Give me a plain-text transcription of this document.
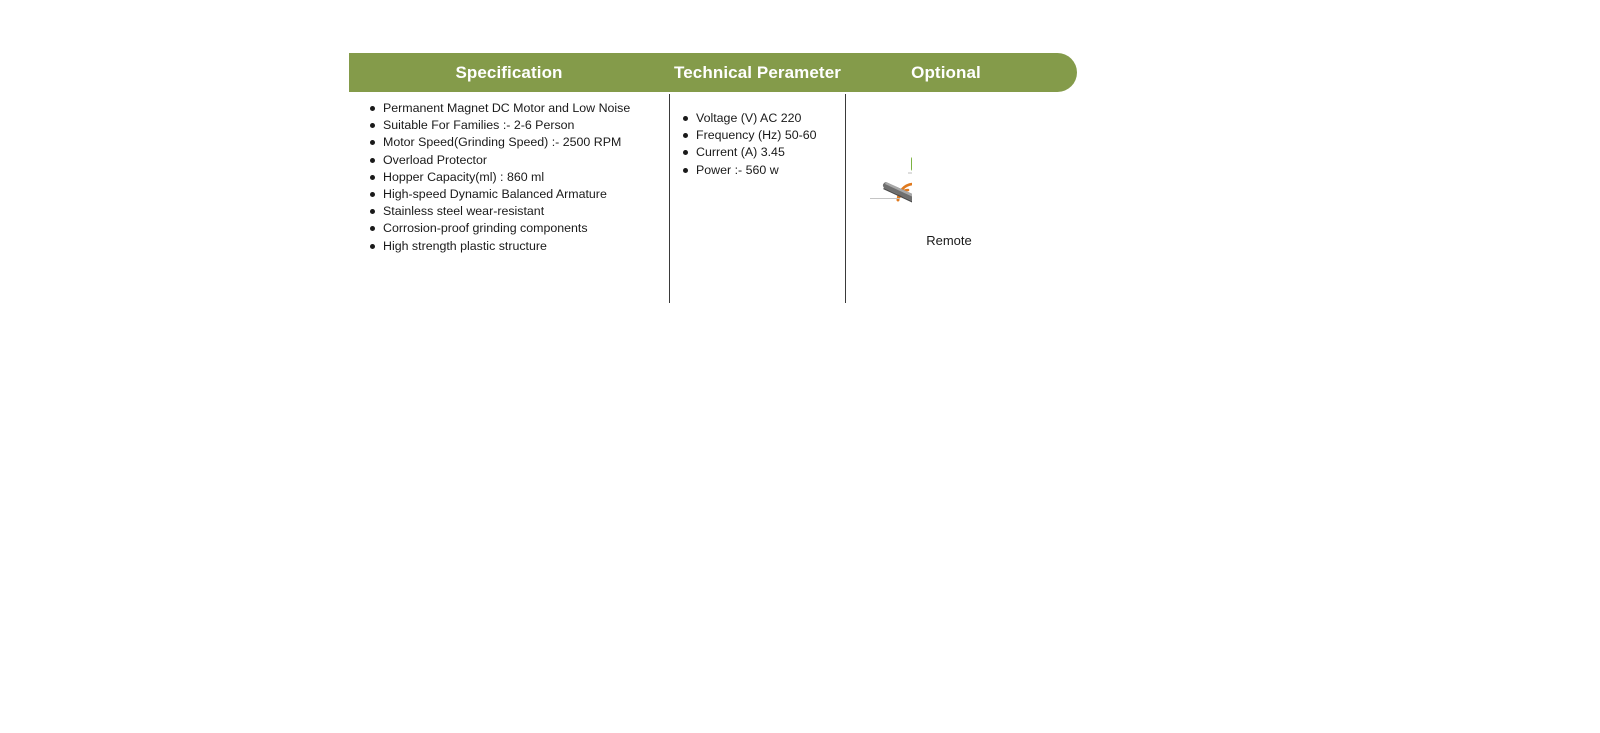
Specification	Technical Perameter	Optional
Permanent Magnet DC Motor and Low Noise
Suitable For Families :- 2-6 Person
Motor Speed(Grinding Speed) :- 2500 RPM
Overload Protector
Hopper Capacity(ml) : 860 ml
High-speed Dynamic Balanced Armature
Stainless steel wear-resistant
Corrosion-proof grinding components
High strength plastic structure
Voltage (V) AC 220
Frequency (Hz) 50-60
Current (A) 3.45
Power :- 560 w
Remote
